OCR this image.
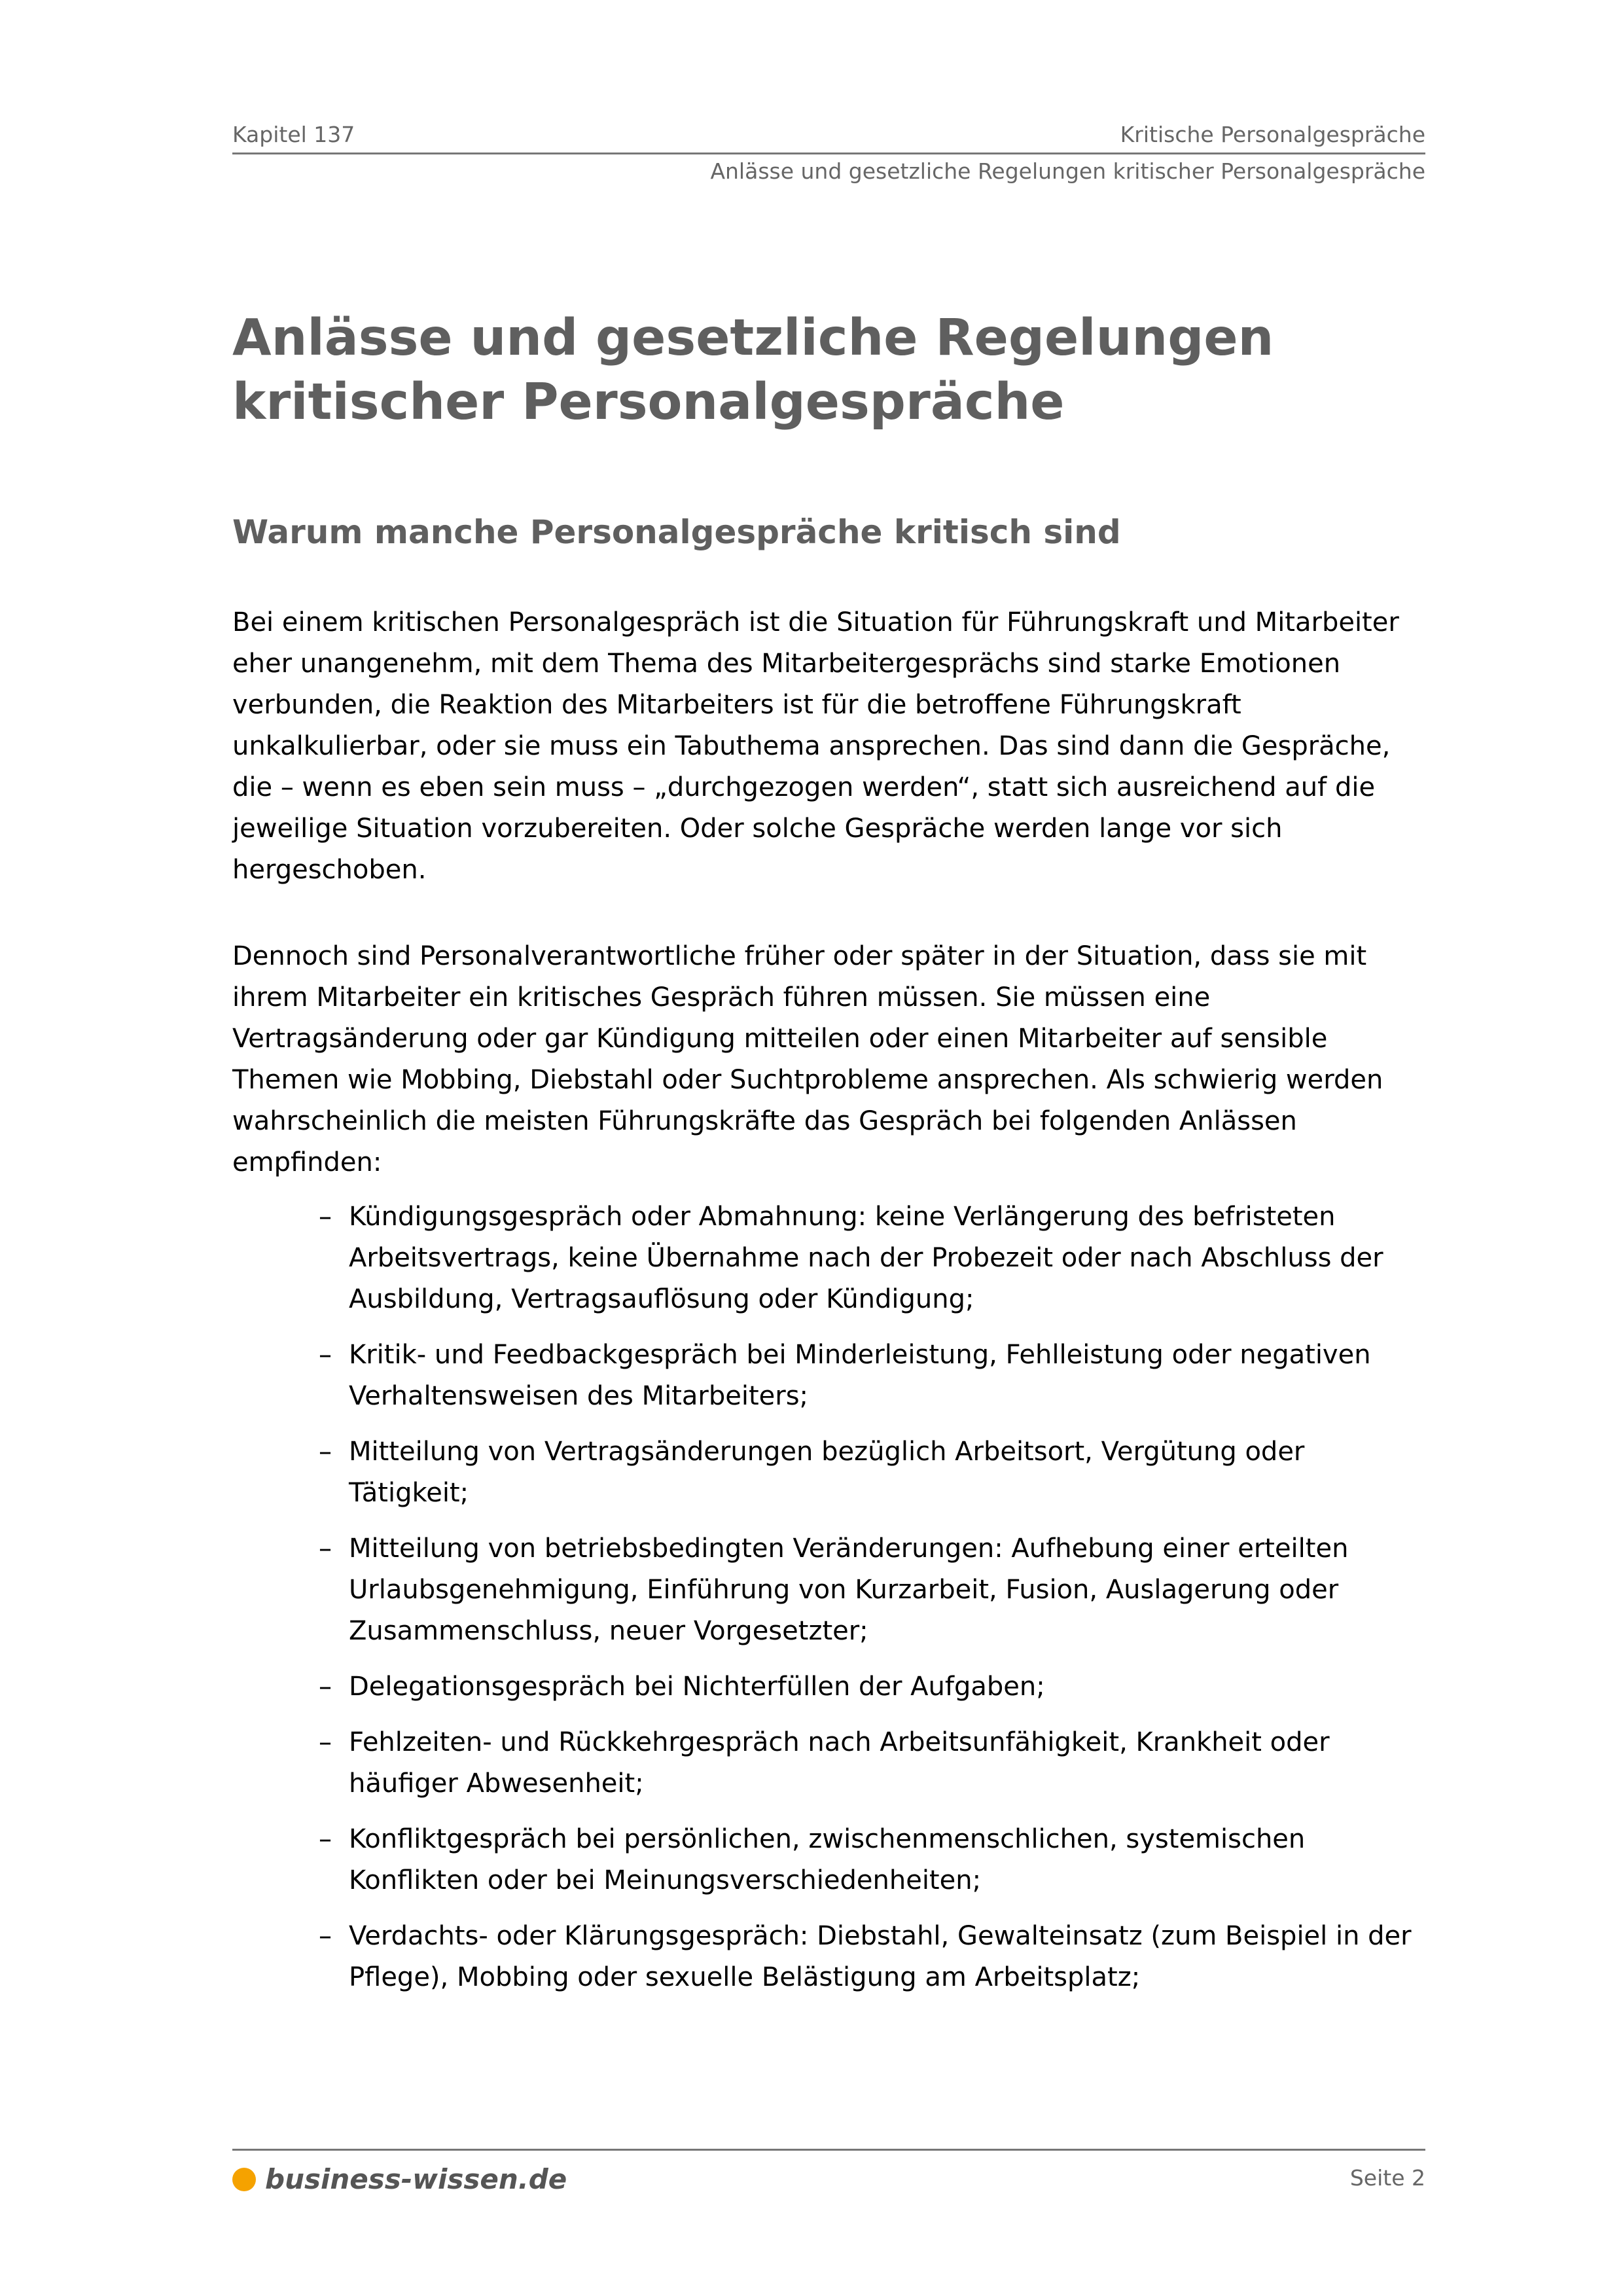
Kapitel 137	Kritische Personalgespräche
Anlässe und gesetzliche Regelungen kritischer Personalgespräche
Anlässe und gesetzliche Regelungen kritischer Personalgespräche
Warum manche Personalgespräche kritisch sind

Bei einem kritischen Personalgespräch ist die Situation für Führungskraft und Mitarbeiter eher unangenehm, mit dem Thema des Mitarbeitergesprächs sind starke Emotionen verbunden, die Reaktion des Mitarbeiters ist für die betroffene Führungskraft unkalkulierbar, oder sie muss ein Tabuthema ansprechen. Das sind dann die Gespräche, die – wenn es eben sein muss – „durchgezogen werden“, statt sich ausreichend auf die jeweilige Situation vorzubereiten. Oder solche Gespräche werden lange vor sich hergeschoben.

Dennoch sind Personalverantwortliche früher oder später in der Situation, dass sie mit ihrem Mitarbeiter ein kritisches Gespräch führen müssen. Sie müssen eine Vertragsänderung oder gar Kündigung mitteilen oder einen Mitarbeiter auf sensible Themen wie Mobbing, Diebstahl oder Suchtprobleme ansprechen. Als schwierig werden wahrscheinlich die meisten Führungskräfte das Gespräch bei folgenden Anlässen empfinden:

– Kündigungsgespräch oder Abmahnung: keine Verlängerung des befristeten Arbeitsvertrags, keine Übernahme nach der Probezeit oder nach Abschluss der Ausbildung, Vertragsauflösung oder Kündigung;
– Kritik- und Feedbackgespräch bei Minderleistung, Fehlleistung oder negativen Verhaltensweisen des Mitarbeiters;
– Mitteilung von Vertragsänderungen bezüglich Arbeitsort, Vergütung oder Tätigkeit;
– Mitteilung von betriebsbedingten Veränderungen: Aufhebung einer erteilten Urlaubsgenehmigung, Einführung von Kurzarbeit, Fusion, Auslagerung oder Zusammenschluss, neuer Vorgesetzter;
– Delegationsgespräch bei Nichterfüllen der Aufgaben;
– Fehlzeiten- und Rückkehrgespräch nach Arbeitsunfähigkeit, Krankheit oder häufiger Abwesenheit;
– Konfliktgespräch bei persönlichen, zwischenmenschlichen, systemischen Konflikten oder bei Meinungsverschiedenheiten;
– Verdachts- oder Klärungsgespräch: Diebstahl, Gewalteinsatz (zum Beispiel in der Pflege), Mobbing oder sexuelle Belästigung am Arbeitsplatz;
business-wissen.de	Seite 2
